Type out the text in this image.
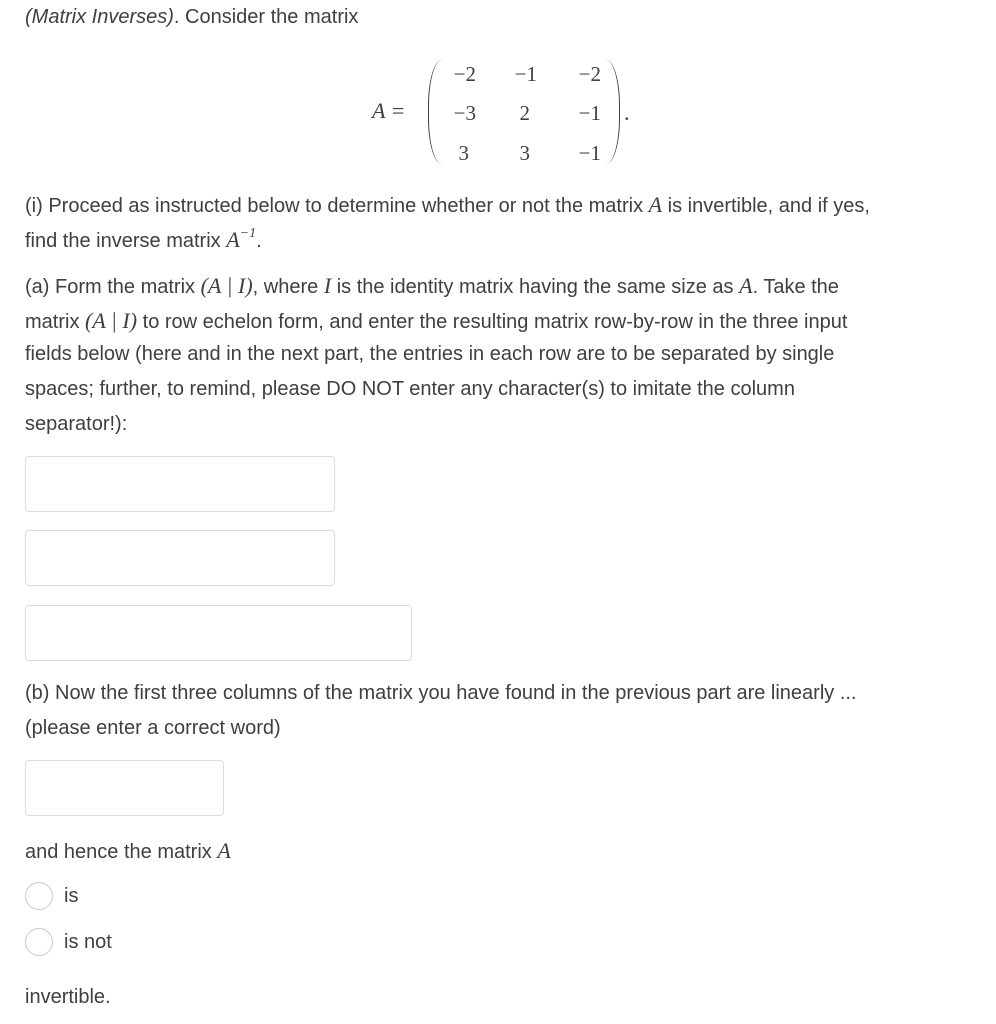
(Matrix Inverses). Consider the matrix
A =
−2	−1	−2
−3	2	−1
3	3	−1
.
(i) Proceed as instructed below to determine whether or not the matrix A is invertible, and if yes,
find the inverse matrix $A^{-1}$.
(a) Form the matrix (A | I), where I is the identity matrix having the same size as A. Take the
matrix (A | I) to row echelon form, and enter the resulting matrix row-by-row in the three input
fields below (here and in the next part, the entries in each row are to be separated by single
spaces; further, to remind, please DO NOT enter any character(s) to imitate the column
separator!):
(b) Now the first three columns of the matrix you have found in the previous part are linearly ...
(please enter a correct word)
and hence the matrix A
is
is not
invertible.
